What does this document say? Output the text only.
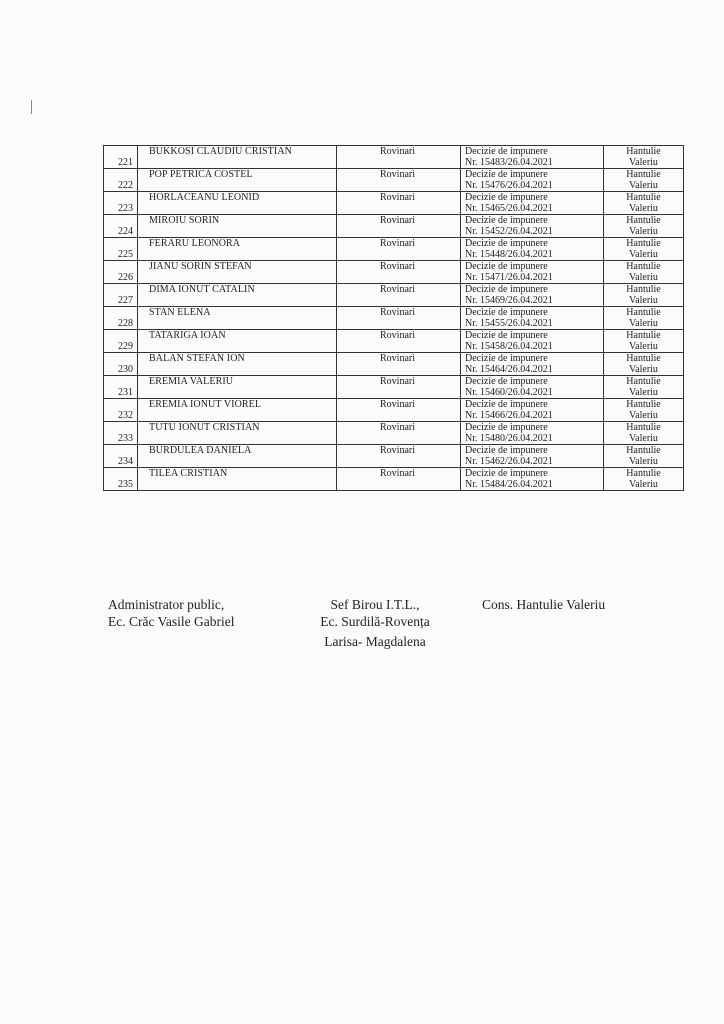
221	BUKKOSI CLAUDIU CRISTIAN	Rovinari	Decizie de impunere
Nr. 15483/26.04.2021	Hantulie
Valeriu

222	POP PETRICA COSTEL	Rovinari	Decizie de impunere
Nr. 15476/26.04.2021	Hantulie
Valeriu

223	HORLACEANU LEONID	Rovinari	Decizie de impunere
Nr. 15465/26.04.2021	Hantulie
Valeriu

224	MIROIU SORIN	Rovinari	Decizie de impunere
Nr. 15452/26.04.2021	Hantulie
Valeriu

225	FERARU LEONORA	Rovinari	Decizie de impunere
Nr. 15448/26.04.2021	Hantulie
Valeriu

226	JIANU SORIN STEFAN	Rovinari	Decizie de impunere
Nr. 15471/26.04.2021	Hantulie
Valeriu

227	DIMA IONUT CATALIN	Rovinari	Decizie de impunere
Nr. 15469/26.04.2021	Hantulie
Valeriu

228	STAN ELENA	Rovinari	Decizie de impunere
Nr. 15455/26.04.2021	Hantulie
Valeriu

229	TATARIGA IOAN	Rovinari	Decizie de impunere
Nr. 15458/26.04.2021	Hantulie
Valeriu

230	BALAN STEFAN ION	Rovinari	Decizie de impunere
Nr. 15464/26.04.2021	Hantulie
Valeriu

231	EREMIA VALERIU	Rovinari	Decizie de impunere
Nr. 15460/26.04.2021	Hantulie
Valeriu

232	EREMIA IONUT VIOREL	Rovinari	Decizie de impunere
Nr. 15466/26.04.2021	Hantulie
Valeriu

233	TUTU IONUT CRISTIAN	Rovinari	Decizie de impunere
Nr. 15480/26.04.2021	Hantulie
Valeriu

234	BURDULEA DANIELA	Rovinari	Decizie de impunere
Nr. 15462/26.04.2021	Hantulie
Valeriu

235	TILEA CRISTIAN	Rovinari	Decizie de impunere
Nr. 15484/26.04.2021	Hantulie
Valeriu
Administrator public,
Ec. Crăc Vasile Gabriel
Sef Birou I.T.L.,
Ec. Surdilă-Rovența
Larisa- Magdalena
Cons. Hantulie Valeriu
